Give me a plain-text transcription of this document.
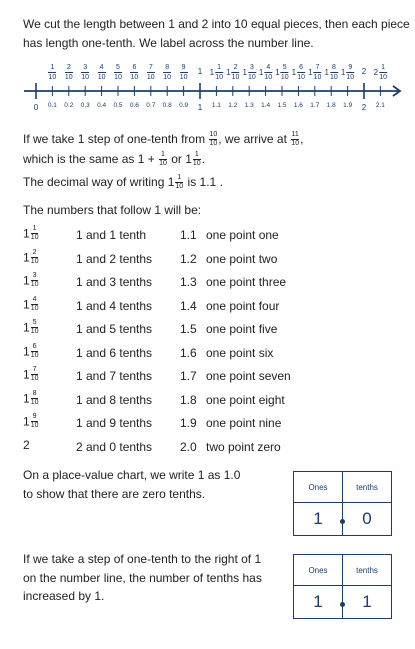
We cut the length between 1 and 2 into 10 equal pieces, then each piece
has length one-tenth. We label across the number line.
1
10
2
10
3
10
4
10
5
10
6
10
7
10
8
10
9
10
1 1
1
10
1
2
10
1
3
10
1
4
10
1
5
10
1
6
10
1
7
10
1
8
10
1
9
10
2 2
1
10
0.1 0.2 0.3 0.4 0.5 0.6 0.7 0.8 0.9	1.1 1.2 1.3 1.4 1.5 1.6 1.7 1.8 1.9	2.1
0	1	2
If we take 1 step of one-tenth from $\frac{10}{10}$ , we arrive at $\frac{11}{10}$ ,
which is the same as $1 + \frac{1}{10}$ or $1 \frac{1}{10}$ .
The decimal way of writing $1 \frac{1}{10}$ is 1.1 .
The numbers that follow 1 will be:
$1 \frac{1}{10}$	1 and 1 tenth	1.1 one point one
$1 \frac{2}{10}$	1 and 2 tenths 1.2 one point two
$1 \frac{3}{10}$	1 and 3 tenths 1.3 one point three
$1 \frac{4}{10}$	1 and 4 tenths 1.4 one point four
$1 \frac{5}{10}$	1 and 5 tenths 1.5 one point five
$1 \frac{6}{10}$	1 and 6 tenths 1.6 one point six
$1 \frac{7}{10}$	1 and 7 tenths 1.7 one point seven
$1 \frac{8}{10}$	1 and 8 tenths 1.8 one point eight
$1 \frac{9}{10}$	1 and 9 tenths 1.9 one point nine
2	2 and 0 tenths 2.0 two point zero
On a place-value chart, we write 1 as 1.0
to show that there are zero tenths.	Ones	tenths
1	0
If we take a step of one-tenth to the right of 1
on the number line, the number of tenths has
increased by 1.
Ones	tenths
1	1
